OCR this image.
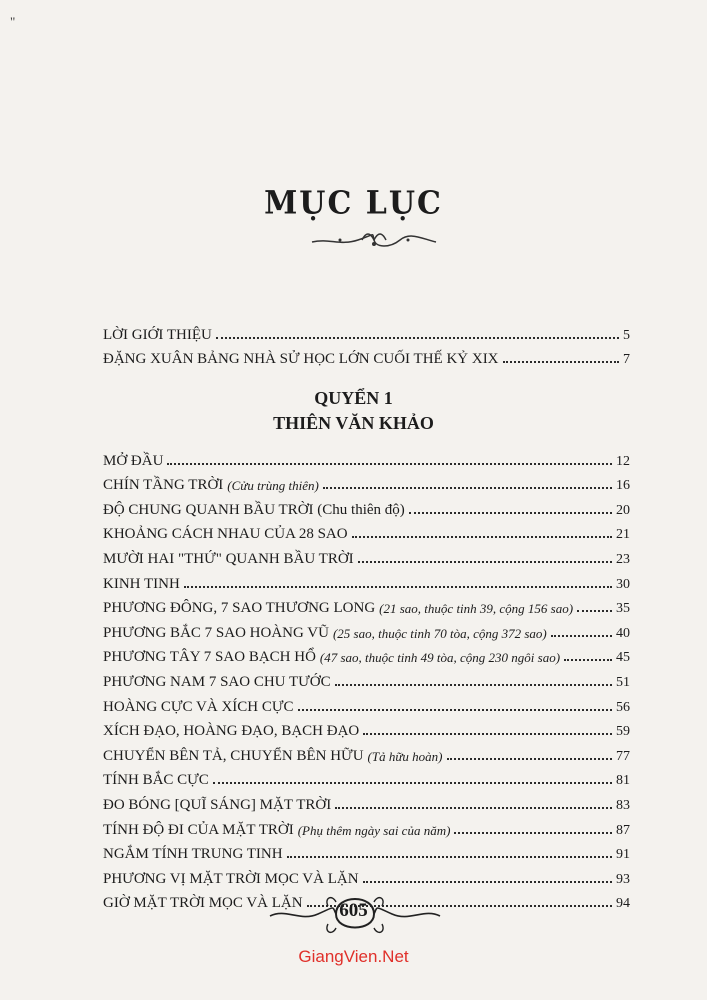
"
MỤC LỤC
LỜI GIỚI THIỆU	5
ĐẶNG XUÂN BẢNG NHÀ SỬ HỌC LỚN CUỐI THẾ KỶ XIX	7
QUYỂN 1
THIÊN VĂN KHẢO
MỞ ĐẦU	12
CHÍN TẦNG TRỜI (Cửu trùng thiên)	16
ĐỘ CHUNG QUANH BẦU TRỜI (Chu thiên độ)	20
KHOẢNG CÁCH NHAU CỦA 28 SAO	21
MƯỜI HAI "THỨ" QUANH BẦU TRỜI	23
KINH TINH	30
PHƯƠNG ĐÔNG, 7 SAO THƯƠNG LONG (21 sao, thuộc tinh 39, cộng 156 sao)	35
PHƯƠNG BẮC 7 SAO HOÀNG VŨ (25 sao, thuộc tinh 70 tòa, cộng 372 sao)	40
PHƯƠNG TÂY 7 SAO BẠCH HỔ (47 sao, thuộc tinh 49 tòa, cộng 230 ngôi sao)	45
PHƯƠNG NAM 7 SAO CHU TƯỚC	51
HOÀNG CỰC VÀ XÍCH CỰC	56
XÍCH ĐẠO, HOÀNG ĐẠO, BẠCH ĐẠO	59
CHUYỂN BÊN TẢ, CHUYỂN BÊN HỮU (Tả hữu hoàn)	77
TÍNH BẮC CỰC	81
ĐO BÓNG [QUĨ SÁNG] MẶT TRỜI	83
TÍNH ĐỘ ĐI CỦA MẶT TRỜI (Phụ thêm ngày sai của năm)	87
NGẮM TÍNH TRUNG TINH	91
PHƯƠNG VỊ MẶT TRỜI MỌC VÀ LẶN	93
GIỜ MẶT TRỜI MỌC VÀ LẶN	94
605
GiangVien.Net
